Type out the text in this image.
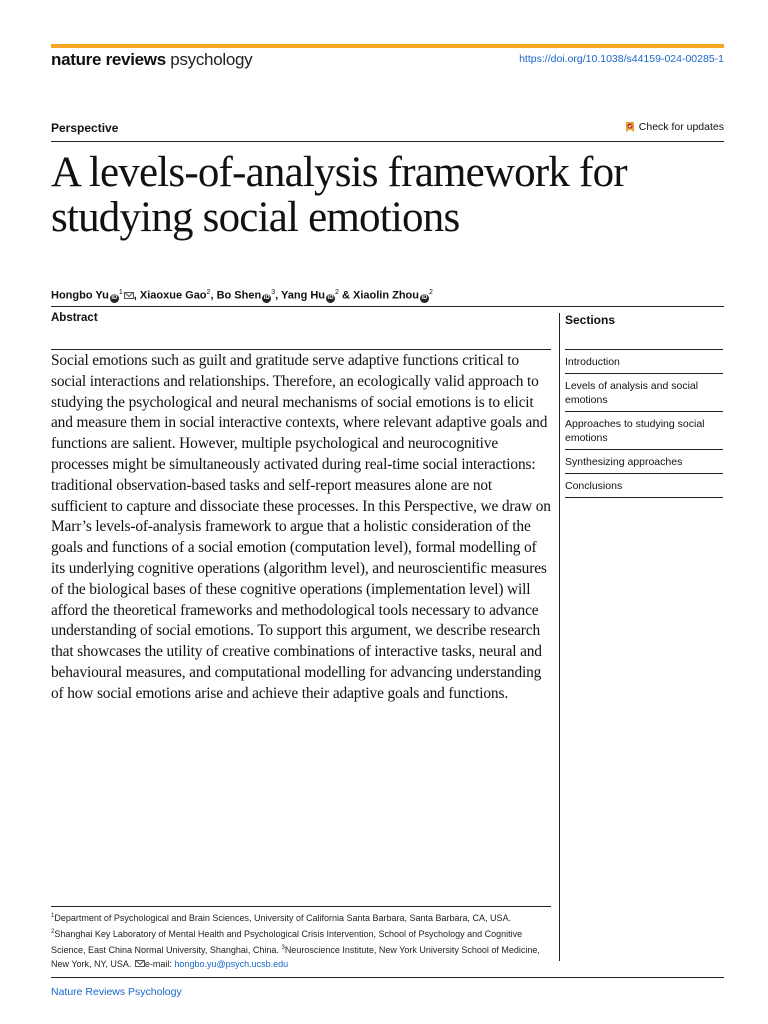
nature reviews psychology	https://doi.org/10.1038/s44159-024-00285-1
Perspective	Check for updates
A levels-of-analysis framework for studying social emotions
Hongbo Yu $iD^1$ , Xiaoxue Gao$^2$, Bo Shen $iD^3$, Yang Hu $iD^2$ & Xiaolin Zhou $iD^2$
Abstract

Social emotions such as guilt and gratitude serve adaptive functions critical to social interactions and relationships. Therefore, an ecologically valid approach to studying the psychological and neural mechanisms of social emotions is to elicit and measure them in social interactive contexts, where relevant adaptive goals and functions are salient. However, multiple psychological and neurocognitive processes might be simultaneously activated during real-time social interactions: traditional observation-based tasks and self-report measures alone are not sufficient to capture and dissociate these processes. In this Perspective, we draw on Marr’s levels-of-analysis framework to argue that a holistic consideration of the goals and functions of a social emotion (computation level), formal modelling of its underlying cognitive operations (algorithm level), and neuroscientific measures of the biological bases of these cognitive operations (implementation level) will afford the theoretical frameworks and methodological tools necessary to advance understanding of social emotions. To support this argument, we describe research that showcases the utility of creative combinations of interactive tasks, neural and behavioural measures, and computational modelling for advancing understanding of how social emotions arise and achieve their adaptive goals and functions.

Sections
Introduction
Levels of analysis and social emotions
Approaches to studying social emotions
Synthesizing approaches
Conclusions

$^1$Department of Psychological and Brain Sciences, University of California Santa Barbara, Santa Barbara, CA, USA. $^2$Shanghai Key Laboratory of Mental Health and Psychological Crisis Intervention, School of Psychology and Cognitive Science, East China Normal University, Shanghai, China. $^3$Neuroscience Institute, New York University School of Medicine, New York, NY, USA. e-mail: hongbo.yu@psych.ucsb.edu

Nature Reviews Psychology
